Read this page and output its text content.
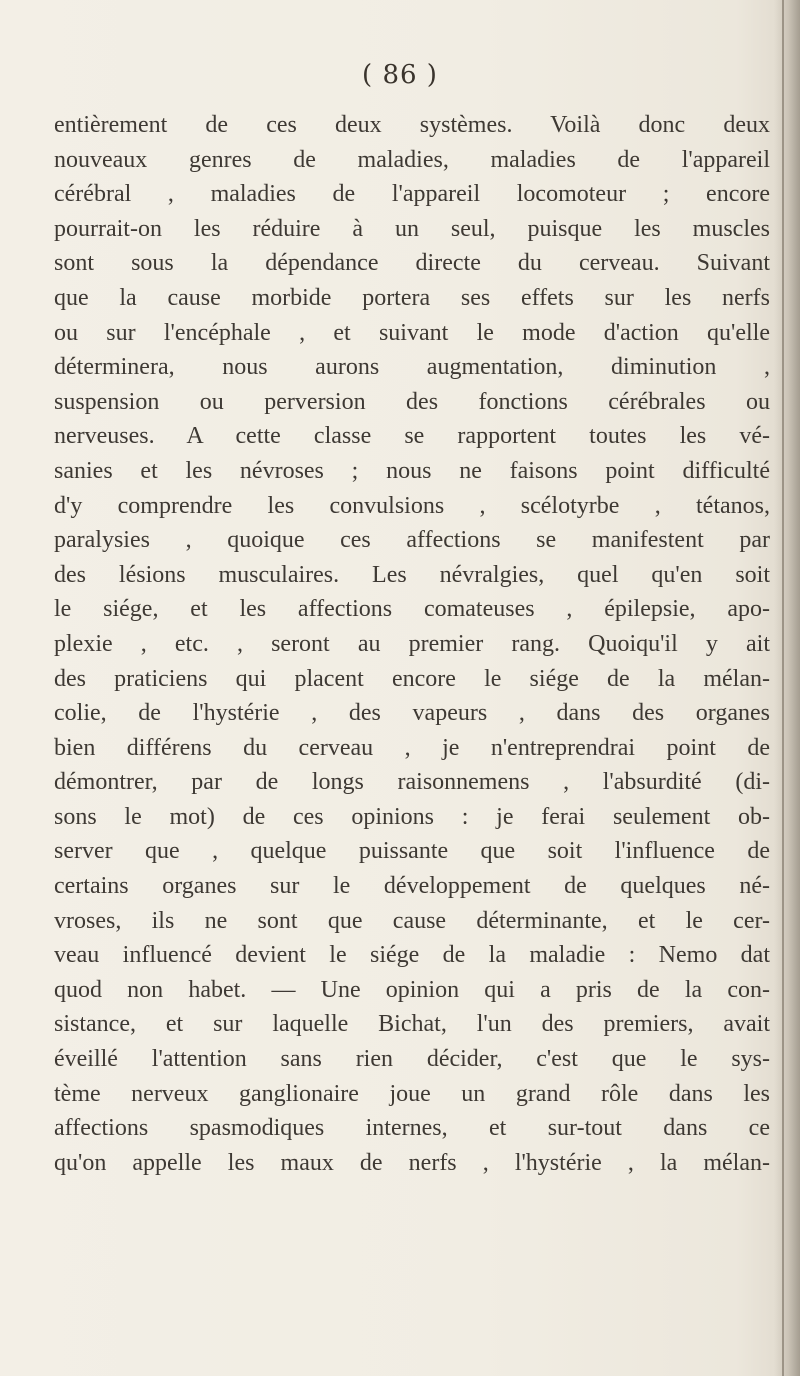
( 86 )
entièrement de ces deux systèmes. Voilà donc deux
nouveaux genres de maladies, maladies de l'appareil
cérébral , maladies de l'appareil locomoteur ; encore
pourrait-on les réduire à un seul, puisque les muscles
sont sous la dépendance directe du cerveau. Suivant
que la cause morbide portera ses effets sur les nerfs
ou sur l'encéphale , et suivant le mode d'action qu'elle
déterminera, nous aurons augmentation, diminution ,
suspension ou perversion des fonctions cérébrales ou
nerveuses. A cette classe se rapportent toutes les vé-
sanies et les névroses ; nous ne faisons point difficulté
d'y comprendre les convulsions , scélotyrbe , tétanos,
paralysies , quoique ces affections se manifestent par
des lésions musculaires. Les névralgies, quel qu'en soit
le siége, et les affections comateuses , épilepsie, apo-
plexie , etc. , seront au premier rang. Quoiqu'il y ait
des praticiens qui placent encore le siége de la mélan-
colie, de l'hystérie , des vapeurs , dans des organes
bien différens du cerveau , je n'entreprendrai point de
démontrer, par de longs raisonnemens , l'absurdité (di-
sons le mot) de ces opinions : je ferai seulement ob-
server que , quelque puissante que soit l'influence de
certains organes sur le développement de quelques né-
vroses, ils ne sont que cause déterminante, et le cer-
veau influencé devient le siége de la maladie : Nemo dat
quod non habet. — Une opinion qui a pris de la con-
sistance, et sur laquelle Bichat, l'un des premiers, avait
éveillé l'attention sans rien décider, c'est que le sys-
tème nerveux ganglionaire joue un grand rôle dans les
affections spasmodiques internes, et sur-tout dans ce
qu'on appelle les maux de nerfs , l'hystérie , la mélan-
